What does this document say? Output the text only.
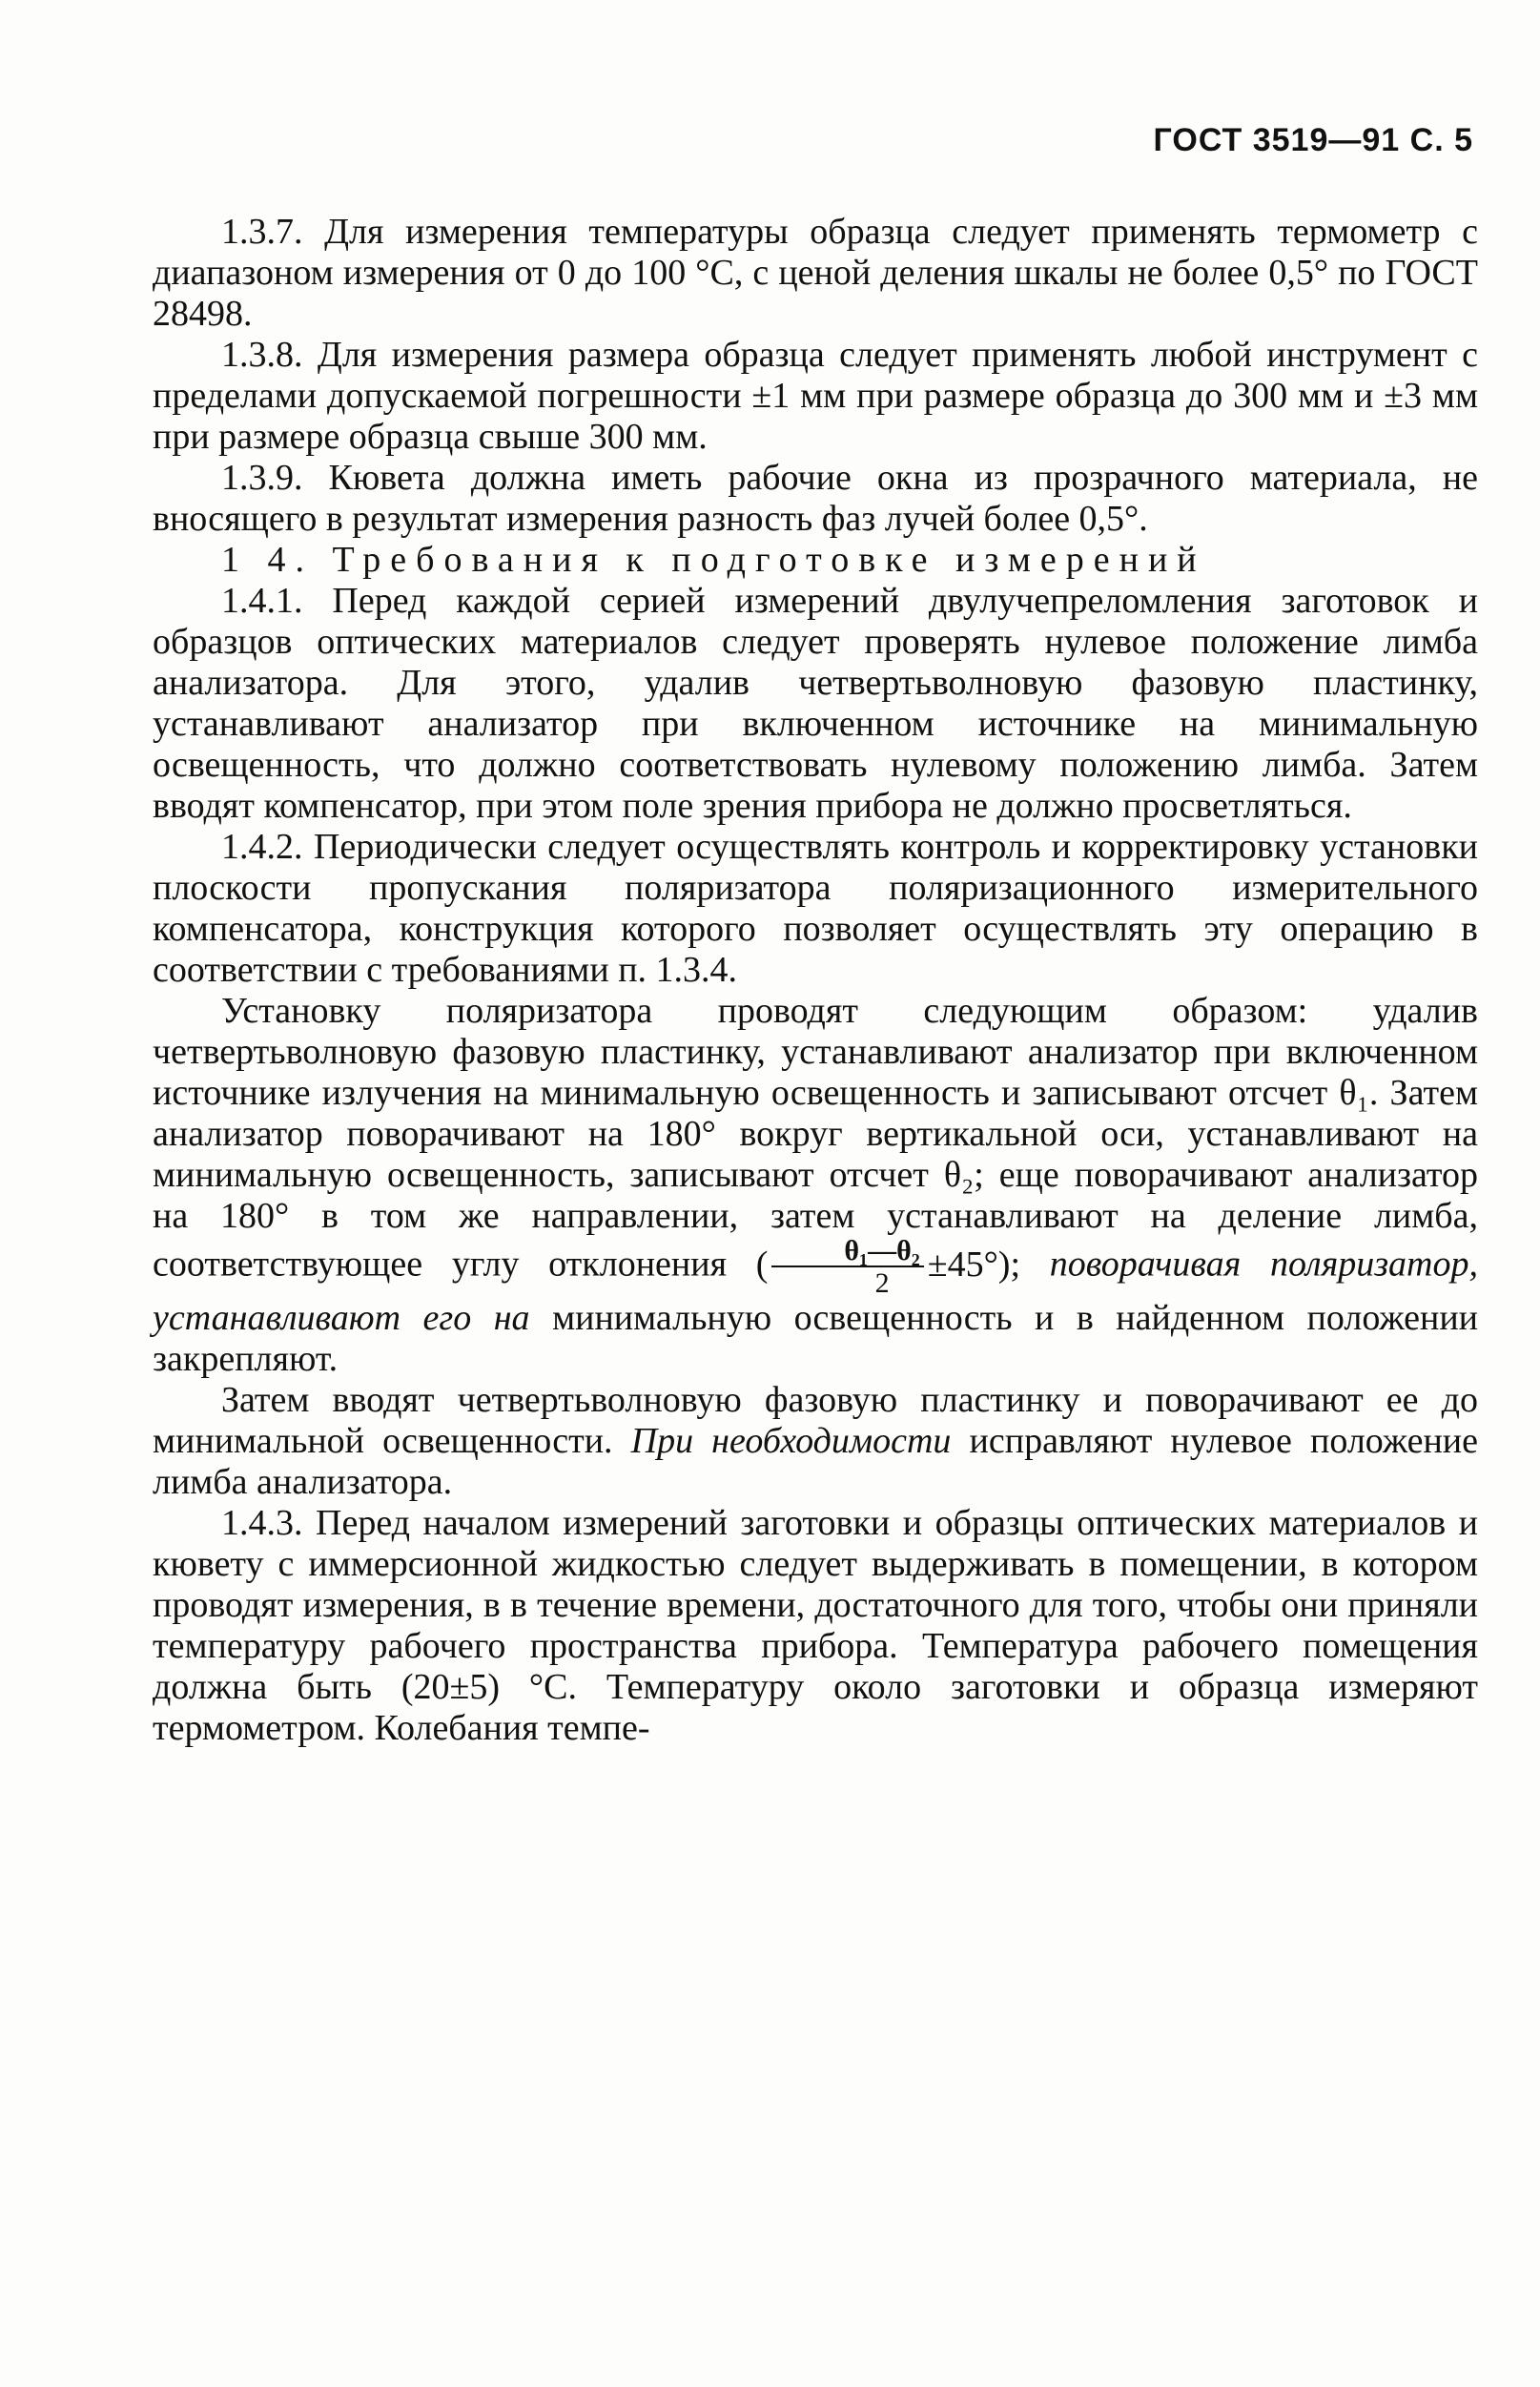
ГОСТ 3519—91 С. 5

1.3.7. Для измерения температуры образца следует применять термометр с диапазоном измерения от 0 до 100 °С, с ценой деления шкалы не более 0,5° по ГОСТ 28498.

1.3.8. Для измерения размера образца следует применять любой инструмент с пределами допускаемой погрешности ±1 мм при размере образца до 300 мм и ±3 мм при размере образца свыше 300 мм.

1.3.9. Кювета должна иметь рабочие окна из прозрачного материала, не вносящего в результат измерения разность фаз лучей более 0,5°.

1 4. Требования к подготовке измерений

1.4.1. Перед каждой серией измерений двулучепреломления заготовок и образцов оптических материалов следует проверять нулевое положение лимба анализатора. Для этого, удалив четвертьволновую фазовую пластинку, устанавливают анализатор при включенном источнике на минимальную освещенность, что должно соответствовать нулевому положению лимба. Затем вводят компенсатор, при этом поле зрения прибора не должно просветляться.

1.4.2. Периодически следует осуществлять контроль и корректировку установки плоскости пропускания поляризатора поляризационного измерительного компенсатора, конструкция которого позволяет осуществлять эту операцию в соответствии с требованиями п. 1.3.4.

Установку поляризатора проводят следующим образом: удалив четвертьволновую фазовую пластинку, устанавливают анализатор при включенном источнике излучения на минимальную освещенность и записывают отсчет θ₁. Затем анализатор поворачивают на 180° вокруг вертикальной оси, устанавливают на минимальную освещенность, записывают отсчет θ₂; еще поворачивают анализатор на 180° в том же направлении, затем устанавливают на деление лимба, соответствующее углу отклонения ( $\frac{\text{θ₁—θ₂}}{2} \pm 45^\circ$); поворачивая поляризатор, устанавливают его на минимальную освещенность и в найденном положении закрепляют.

Затем вводят четвертьволновую фазовую пластинку и поворачивают ее до минимальной освещенности. При необходимости исправляют нулевое положение лимба анализатора.

1.4.3. Перед началом измерений заготовки и образцы оптических материалов и кювету с иммерсионной жидкостью следует выдерживать в помещении, в котором проводят измерения, в в течение времени, достаточного для того, чтобы они приняли температуру рабочего пространства прибора. Температура рабочего помещения должна быть (20±5) °С. Температуру около заготовки и образца измеряют термометром. Колебания темпе-
